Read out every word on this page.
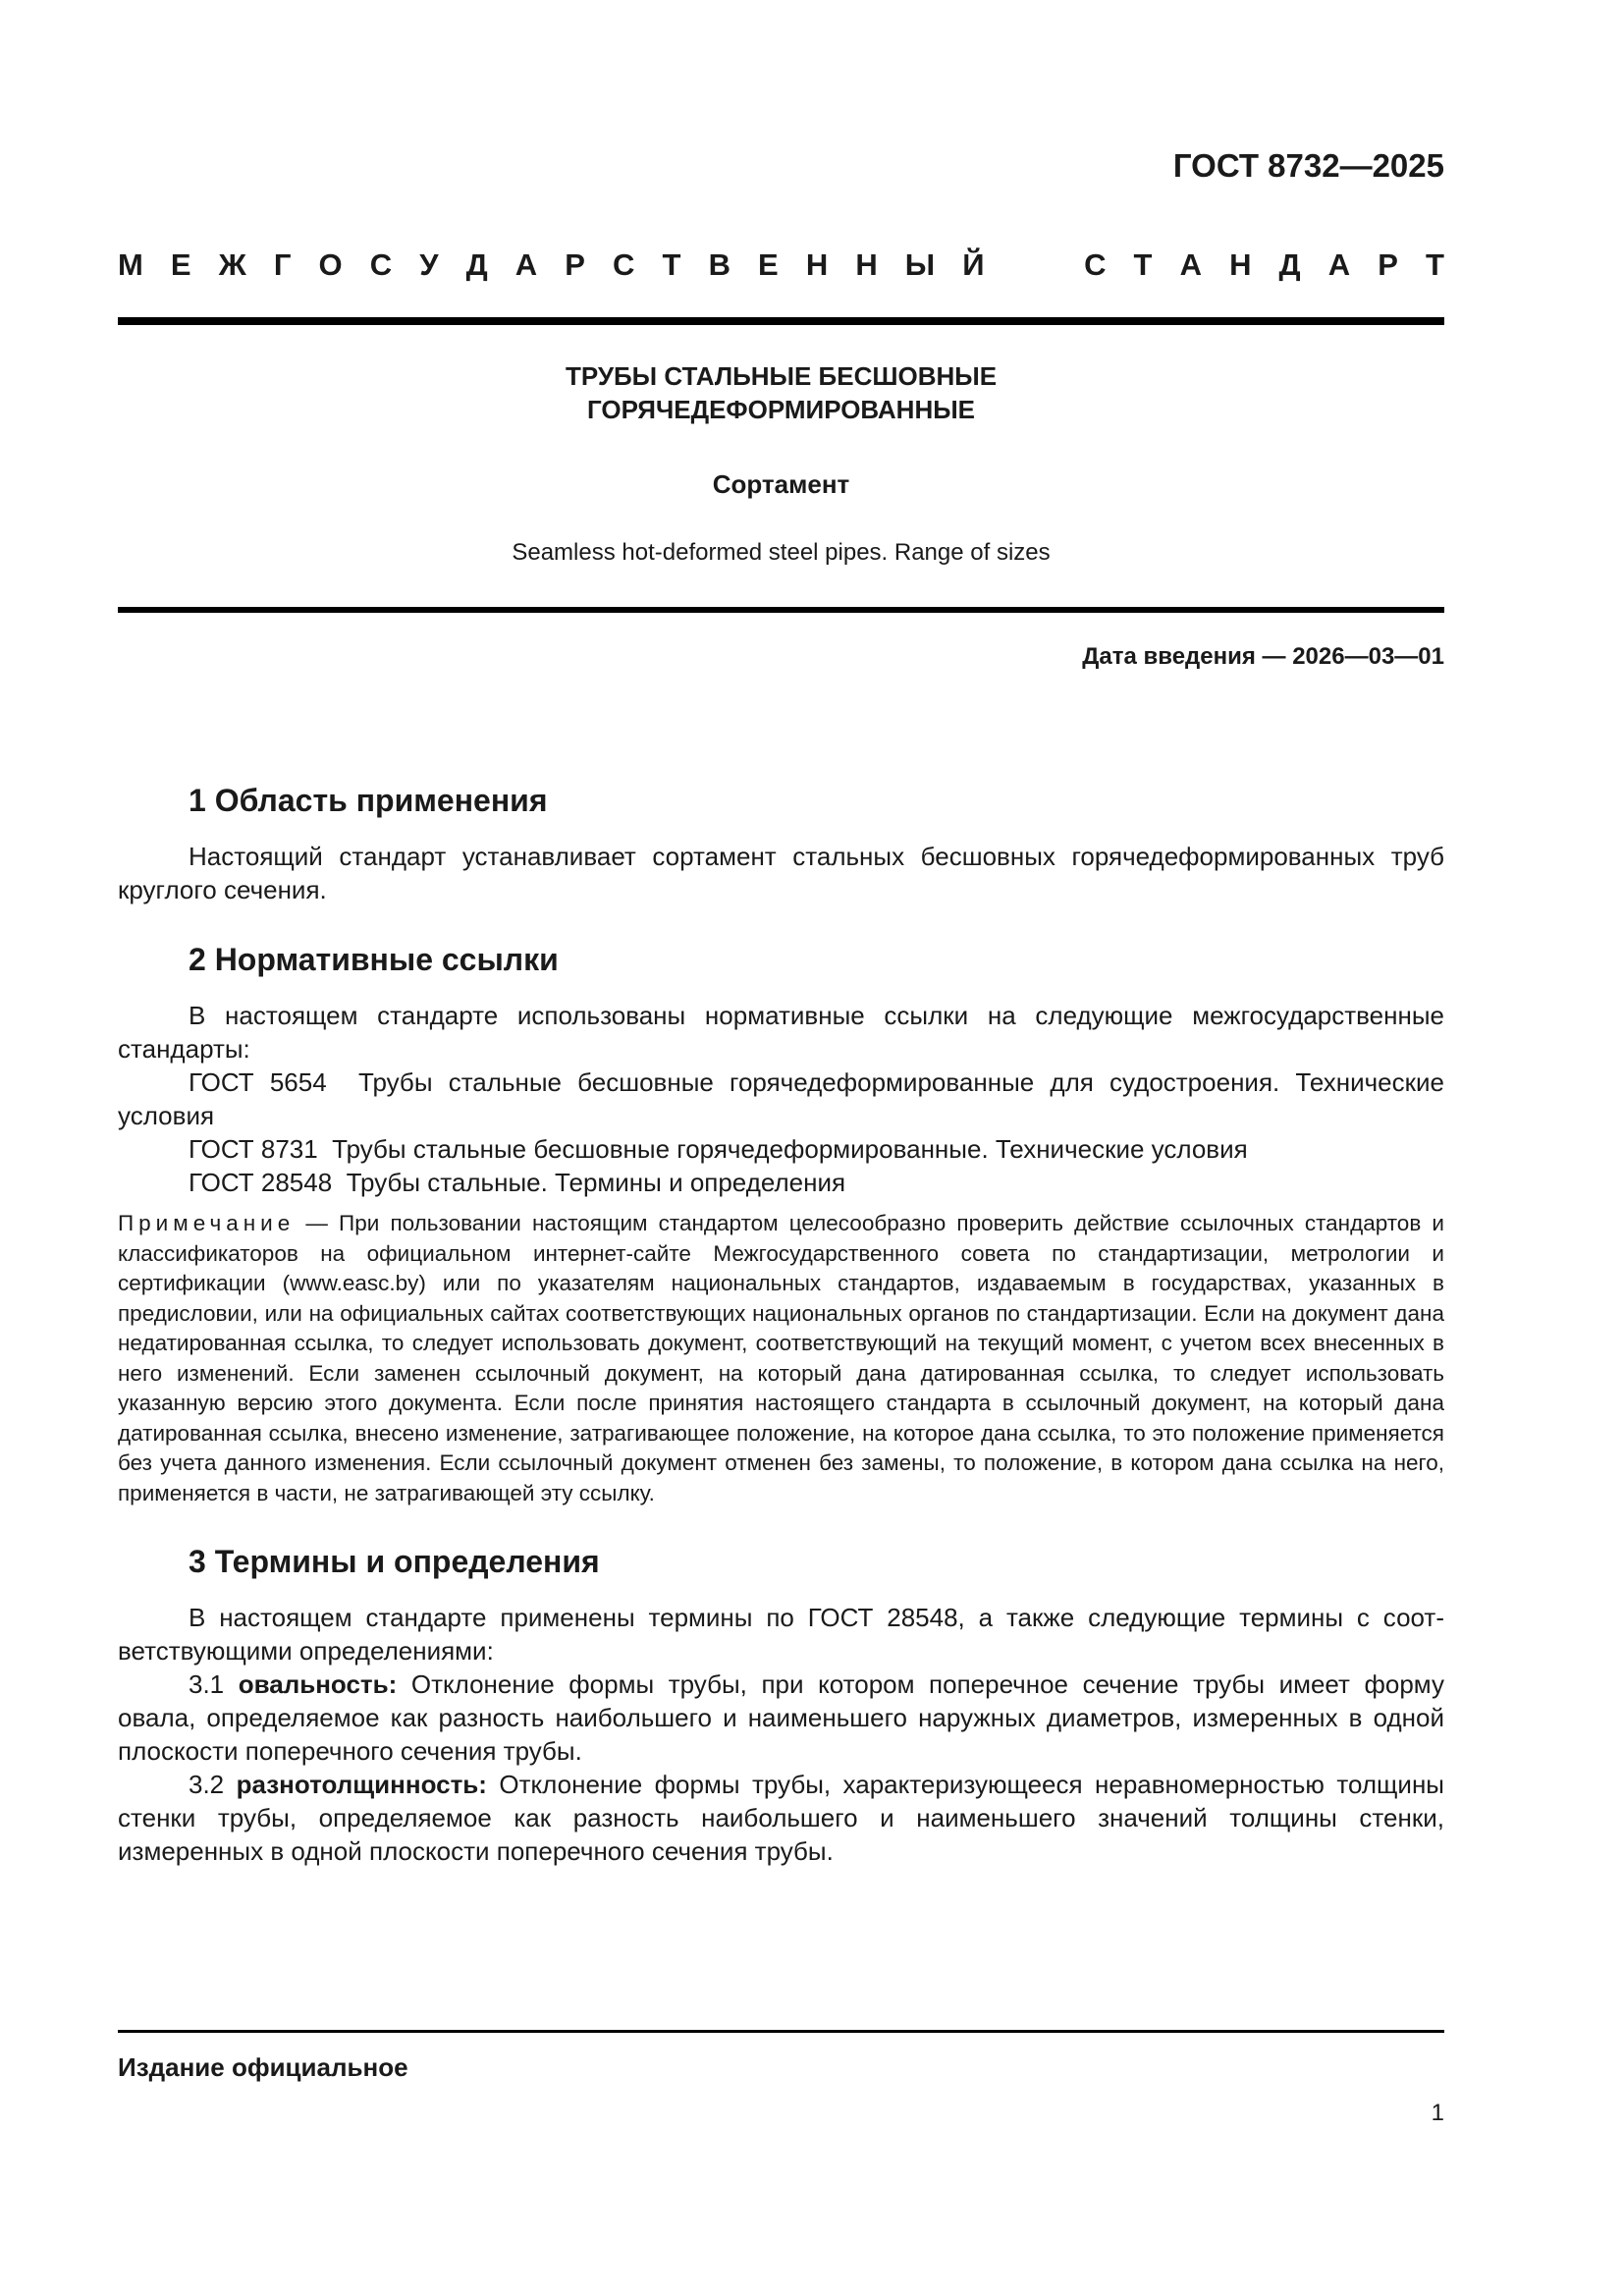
ГОСТ 8732—2025
М Е Ж Г О С У Д А Р С Т В Е Н Н Ы Й

	С Т А Н Д А Р Т
ТРУБЫ СТАЛЬНЫЕ БЕСШОВНЫЕ
ГОРЯЧЕДЕФОРМИРОВАННЫЕ
Сортамент
Seamless hot-deformed steel pipes. Range of sizes
Дата введения — 2026—03—01
1 Область применения

Настоящий стандарт устанавливает сортамент стальных бесшовных горячедеформированных труб круглого сечения.

2 Нормативные ссылки

В настоящем стандарте использованы нормативные ссылки на следующие межгосударственные стандарты:

ГОСТ 5654 Трубы стальные бесшовные горячедеформированные для судостроения. Технические условия

ГОСТ 8731 Трубы стальные бесшовные горячедеформированные. Технические условия

ГОСТ 28548 Трубы стальные. Термины и определения

Примечание — При пользовании настоящим стандартом целесообразно проверить действие ссылочных стандартов и классификаторов на официальном интернет-сайте Межгосударственного совета по стандартизации, метрологии и сертификации (www.easc.by) или по указателям национальных стандартов, издаваемым в государствах, указанных в предисловии, или на официальных сайтах соответствующих национальных органов по стандартизации. Если на документ дана недатированная ссылка, то следует использовать документ, соответствующий на текущий момент, с учетом всех внесенных в него изменений. Если заменен ссылочный документ, на который дана датированная ссылка, то следует использовать указанную версию этого документа. Если после принятия настоящего стандарта в ссылочный документ, на который дана датированная ссылка, внесено изменение, затрагивающее положение, на которое дана ссылка, то это положение применяется без учета данного изменения. Если ссылочный документ отменен без замены, то положение, в котором дана ссылка на него, применяется в части, не затрагивающей эту ссылку.

3 Термины и определения

В настоящем стандарте применены термины по ГОСТ 28548, а также следующие термины с соответствующими определениями:

3.1 овальность: Отклонение формы трубы, при котором поперечное сечение трубы имеет форму овала, определяемое как разность наибольшего и наименьшего наружных диаметров, измеренных в одной плоскости поперечного сечения трубы.

3.2 разнотолщинность: Отклонение формы трубы, характеризующееся неравномерностью толщины стенки трубы, определяемое как разность наибольшего и наименьшего значений толщины стенки, измеренных в одной плоскости поперечного сечения трубы.

Издание официальное
1
